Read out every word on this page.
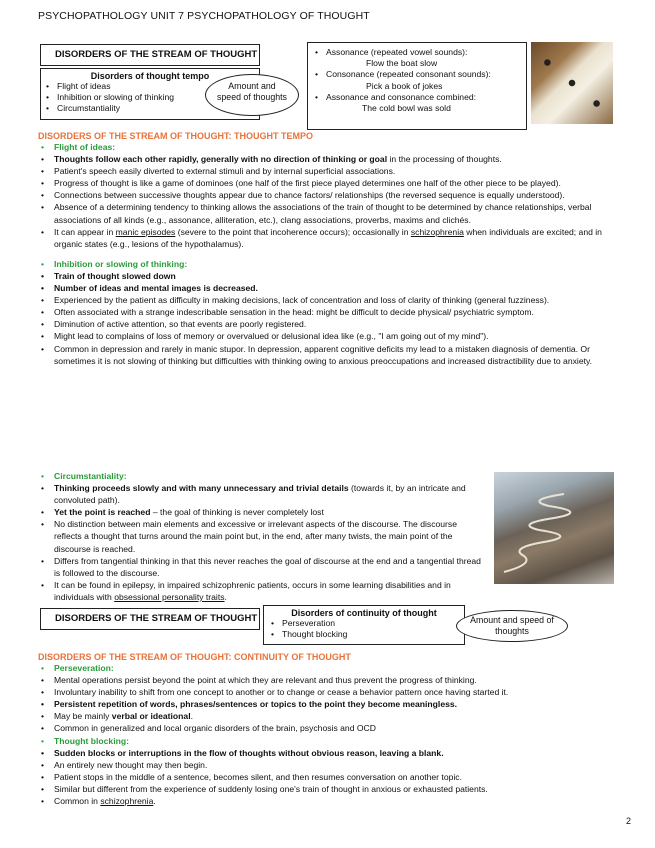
PSYCHOPATHOLOGY UNIT 7 PSYCHOPATHOLOGY OF THOUGHT
DISORDERS OF THE STREAM OF THOUGHT
Disorders of thought tempo
• Flight of ideas
• Inhibition or slowing of thinking
• Circumstantiality
Amount and speed of thoughts
• Assonance (repeated vowel sounds):
Flow the boat slow
• Consonance (repeated consonant sounds):
Pick a book of jokes
• Assonance and consonance combined:
The cold bowl was sold
DISORDERS OF THE STREAM OF THOUGHT: THOUGHT TEMPO
• Flight of ideas:
• Thoughts follow each other rapidly, generally with no direction of thinking or goal in the processing of thoughts.
• Patient's speech easily diverted to external stimuli and by internal superficial associations.
• Progress of thought is like a game of dominoes (one half of the first piece played determines one half of the other piece to be played).
• Connections between successive thoughts appear due to chance factors/ relationships (the reversed sequence is equally understood).
• Absence of a determining tendency to thinking allows the associations of the train of thought to be determined by chance relationships, verbal associations of all kinds (e.g., assonance, alliteration, etc.), clang associations, proverbs, maxims and clichés.
• It can appear in manic episodes (severe to the point that incoherence occurs); occasionally in schizophrenia when individuals are excited; and in organic states (e.g., lesions of the hypothalamus).
• Inhibition or slowing of thinking:
• Train of thought slowed down
• Number of ideas and mental images is decreased.
• Experienced by the patient as difficulty in making decisions, lack of concentration and loss of clarity of thinking (general fuzziness).
• Often associated with a strange indescribable sensation in the head: might be difficult to decide physical/ psychiatric symptom.
• Diminution of active attention, so that events are poorly registered.
• Might lead to complains of loss of memory or overvalued or delusional idea like (e.g., "I am going out of my mind").
• Common in depression and rarely in manic stupor. In depression, apparent cognitive deficits my lead to a mistaken diagnosis of dementia. Or sometimes it is not slowing of thinking but difficulties with thinking owing to anxious preoccupations and increased distractibility due to anxiety.
• Circumstantiality:
• Thinking proceeds slowly and with many unnecessary and trivial details (towards it, by an intricate and convoluted path).
• Yet the point is reached – the goal of thinking is never completely lost
• No distinction between main elements and excessive or irrelevant aspects of the discourse. The discourse reflects a thought that turns around the main point but, in the end, after many twists, the main point of the discourse is reached.
• Differs from tangential thinking in that this never reaches the goal of discourse at the end and a tangential thread is followed to the discourse.
• It can be found in epilepsy, in impaired schizophrenic patients, occurs in some learning disabilities and in individuals with obsessional personality traits.
DISORDERS OF THE STREAM OF THOUGHT	Disorders of continuity of thought
• Perseveration
• Thought blocking
Amount and speed of thoughts
DISORDERS OF THE STREAM OF THOUGHT: CONTINUITY OF THOUGHT
• Perseveration:
• Mental operations persist beyond the point at which they are relevant and thus prevent the progress of thinking.
• Involuntary inability to shift from one concept to another or to change or cease a behavior pattern once having started it.
• Persistent repetition of words, phrases/sentences or topics to the point they become meaningless.
• May be mainly verbal or ideational.
• Common in generalized and local organic disorders of the brain, psychosis and OCD
• Thought blocking:
• Sudden blocks or interruptions in the flow of thoughts without obvious reason, leaving a blank.
• An entirely new thought may then begin.
• Patient stops in the middle of a sentence, becomes silent, and then resumes conversation on another topic.
• Similar but different from the experience of suddenly losing one's train of thought in anxious or exhausted patients.
• Common in schizophrenia.
2
